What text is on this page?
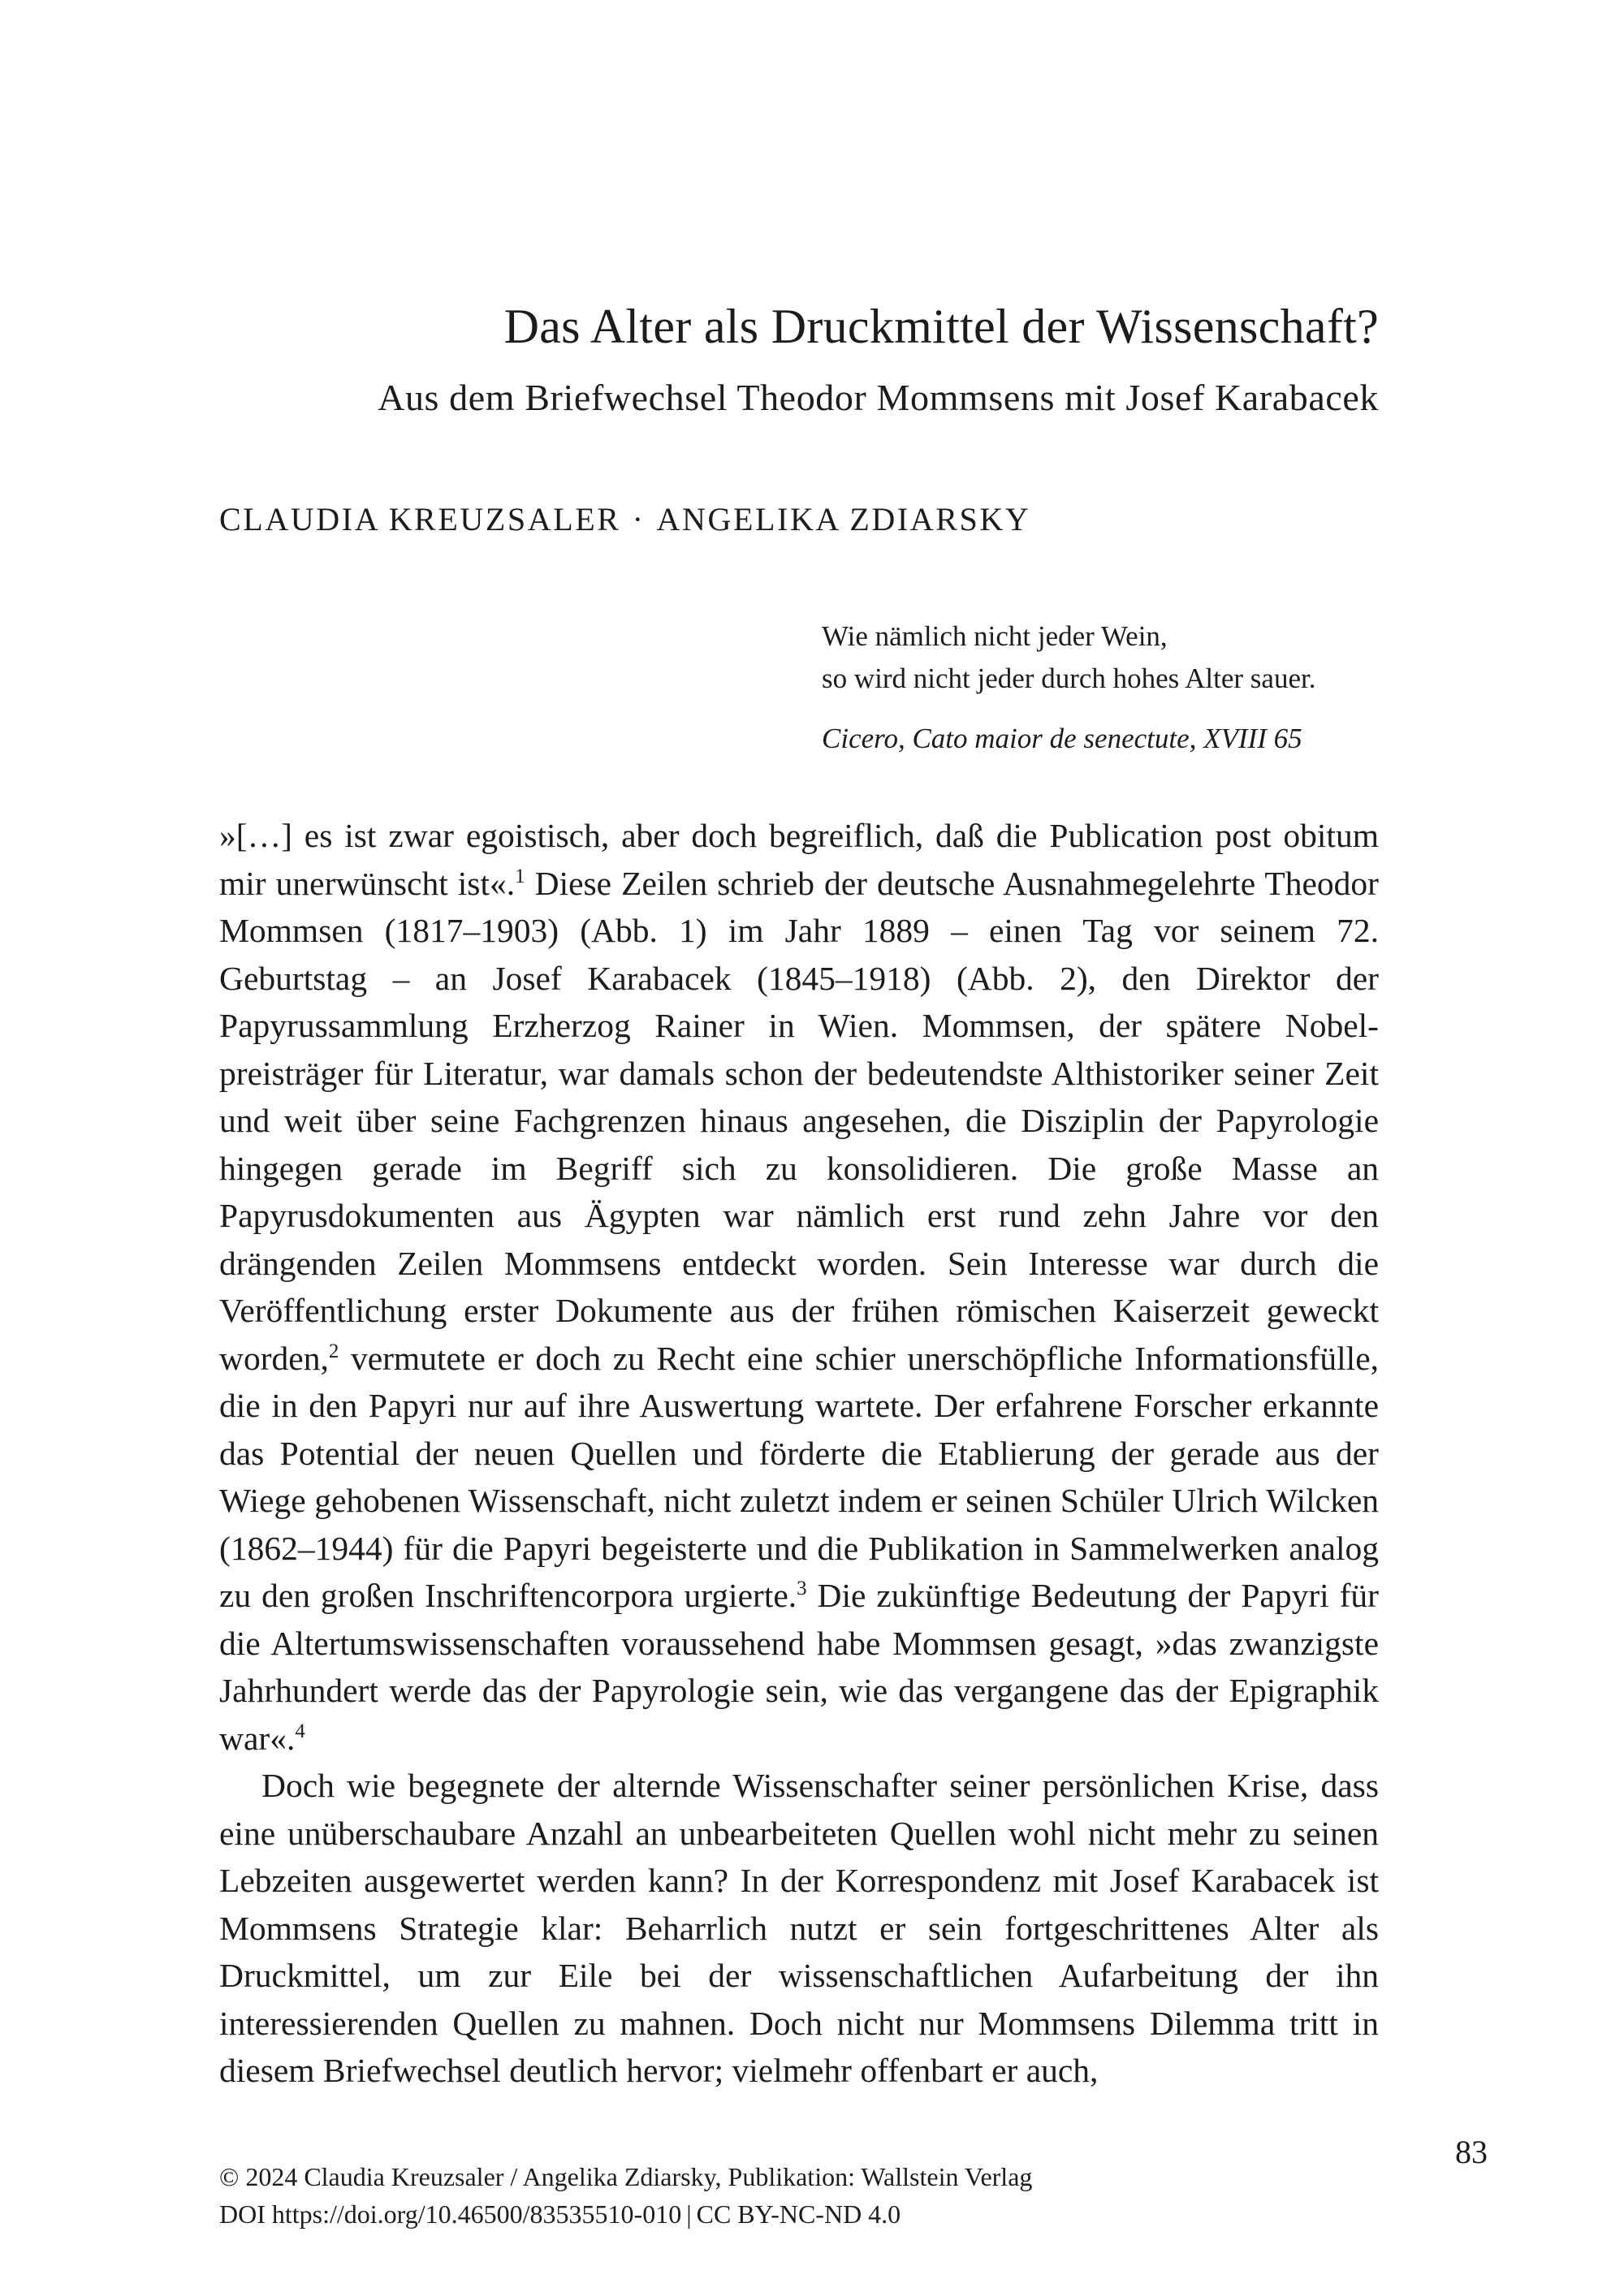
Das Alter als Druckmittel der Wissenschaft?
Aus dem Briefwechsel Theodor Mommsens mit Josef Karabacek
CLAUDIA KREUZSALER · ANGELIKA ZDIARSKY
Wie nämlich nicht jeder Wein,
so wird nicht jeder durch hohes Alter sauer.
Cicero, Cato maior de senectute, XVIII 65

»[…] es ist zwar egoistisch, aber doch begreiflich, daß die Publication post obitum mir unerwünscht ist«.$^1$ Diese Zeilen schrieb der deutsche Ausnahmegelehrte Theodor Mommsen (1817–1903) (Abb. 1) im Jahr 1889 – einen Tag vor seinem 72. Geburtstag – an Josef Karabacek (1845–1918) (Abb. 2), den Direktor der Papyrussammlung Erzherzog Rainer in Wien. Mommsen, der spätere Nobelpreisträger für Literatur, war damals schon der bedeutendste Althistoriker seiner Zeit und weit über seine Fachgrenzen hinaus angesehen, die Disziplin der Papyrologie hingegen gerade im Begriff sich zu konsolidieren. Die große Masse an Papyrusdokumenten aus Ägypten war nämlich erst rund zehn Jahre vor den drängenden Zeilen Mommsens entdeckt worden. Sein Interesse war durch die Veröffentlichung erster Dokumente aus der frühen römischen Kaiserzeit geweckt worden,$^2$ vermutete er doch zu Recht eine schier unerschöpfliche Informationsfülle, die in den Papyri nur auf ihre Auswertung wartete. Der erfahrene Forscher erkannte das Potential der neuen Quellen und förderte die Etablierung der gerade aus der Wiege gehobenen Wissenschaft, nicht zuletzt indem er seinen Schüler Ulrich Wilcken (1862–1944) für die Papyri begeisterte und die Publikation in Sammelwerken analog zu den großen Inschriftencorpora urgierte.$^3$ Die zukünftige Bedeutung der Papyri für die Altertumswissenschaften voraussehend habe Mommsen gesagt, »das zwanzigste Jahrhundert werde das der Papyrologie sein, wie das vergangene das der Epigraphik war«.$^4$

Doch wie begegnete der alternde Wissenschafter seiner persönlichen Krise, dass eine unüberschaubare Anzahl an unbearbeiteten Quellen wohl nicht mehr zu seinen Lebzeiten ausgewertet werden kann? In der Korrespondenz mit Josef Karabacek ist Mommsens Strategie klar: Beharrlich nutzt er sein fortgeschrittenes Alter als Druckmittel, um zur Eile bei der wissenschaftlichen Aufarbeitung der ihn interessierenden Quellen zu mahnen. Doch nicht nur Mommsens Dilemma tritt in diesem Briefwechsel deutlich hervor; vielmehr offenbart er auch,

83
© 2024 Claudia Kreuzsaler / Angelika Zdiarsky, Publikation: Wallstein Verlag
DOI https://doi.org/10.46500/83535510-010 | CC BY-NC-ND 4.0
